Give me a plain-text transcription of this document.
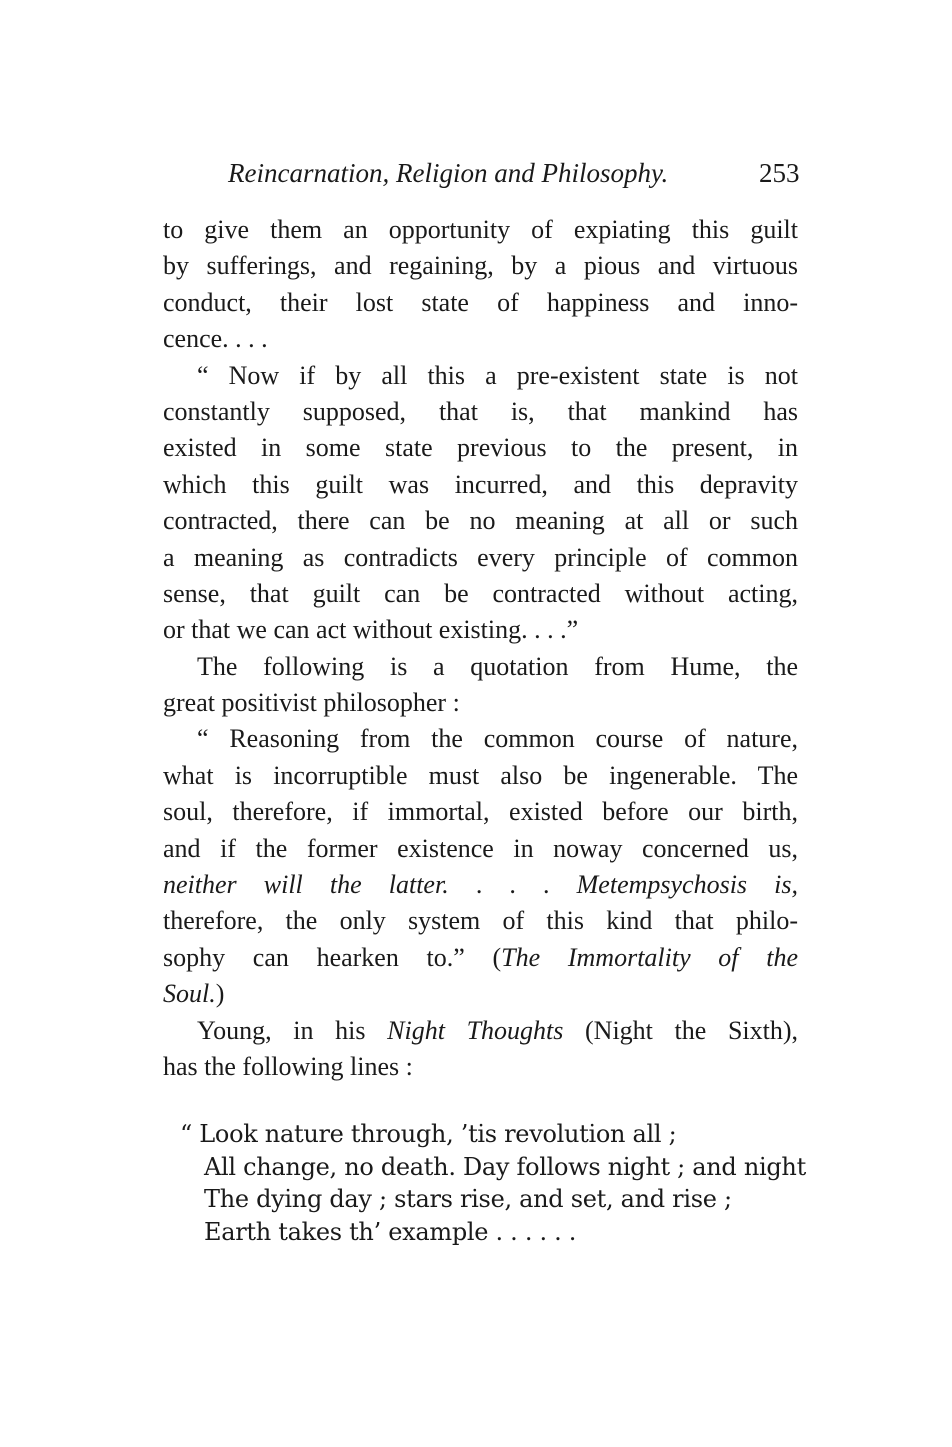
Reincarnation, Religion and Philosophy.	253
to give them an opportunity of expiating this guilt
by sufferings, and regaining, by a pious and virtuous
conduct, their lost state of happiness and inno-
cence. . . .
“ Now if by all this a pre-existent state is not
constantly supposed, that is, that mankind has
existed in some state previous to the present, in
which this guilt was incurred, and this depravity
contracted, there can be no meaning at all or such
a meaning as contradicts every principle of common
sense, that guilt can be contracted without acting,
or that we can act without existing. . . .”
The following is a quotation from Hume, the
great positivist philosopher :
“ Reasoning from the common course of nature,
what is incorruptible must also be ingenerable. The
soul, therefore, if immortal, existed before our birth,
and if the former existence in noway concerned us,
neither will the latter. . . . Metempsychosis is,
therefore, the only system of this kind that philo-
sophy can hearken to.” (The Immortality of the
Soul.)
Young, in his Night Thoughts (Night the Sixth),
has the following lines :
“ Look nature through, ’tis revolution all ;
All change, no death. Day follows night ; and night
The dying day ; stars rise, and set, and rise ;
Earth takes th’ example . . . . . .
